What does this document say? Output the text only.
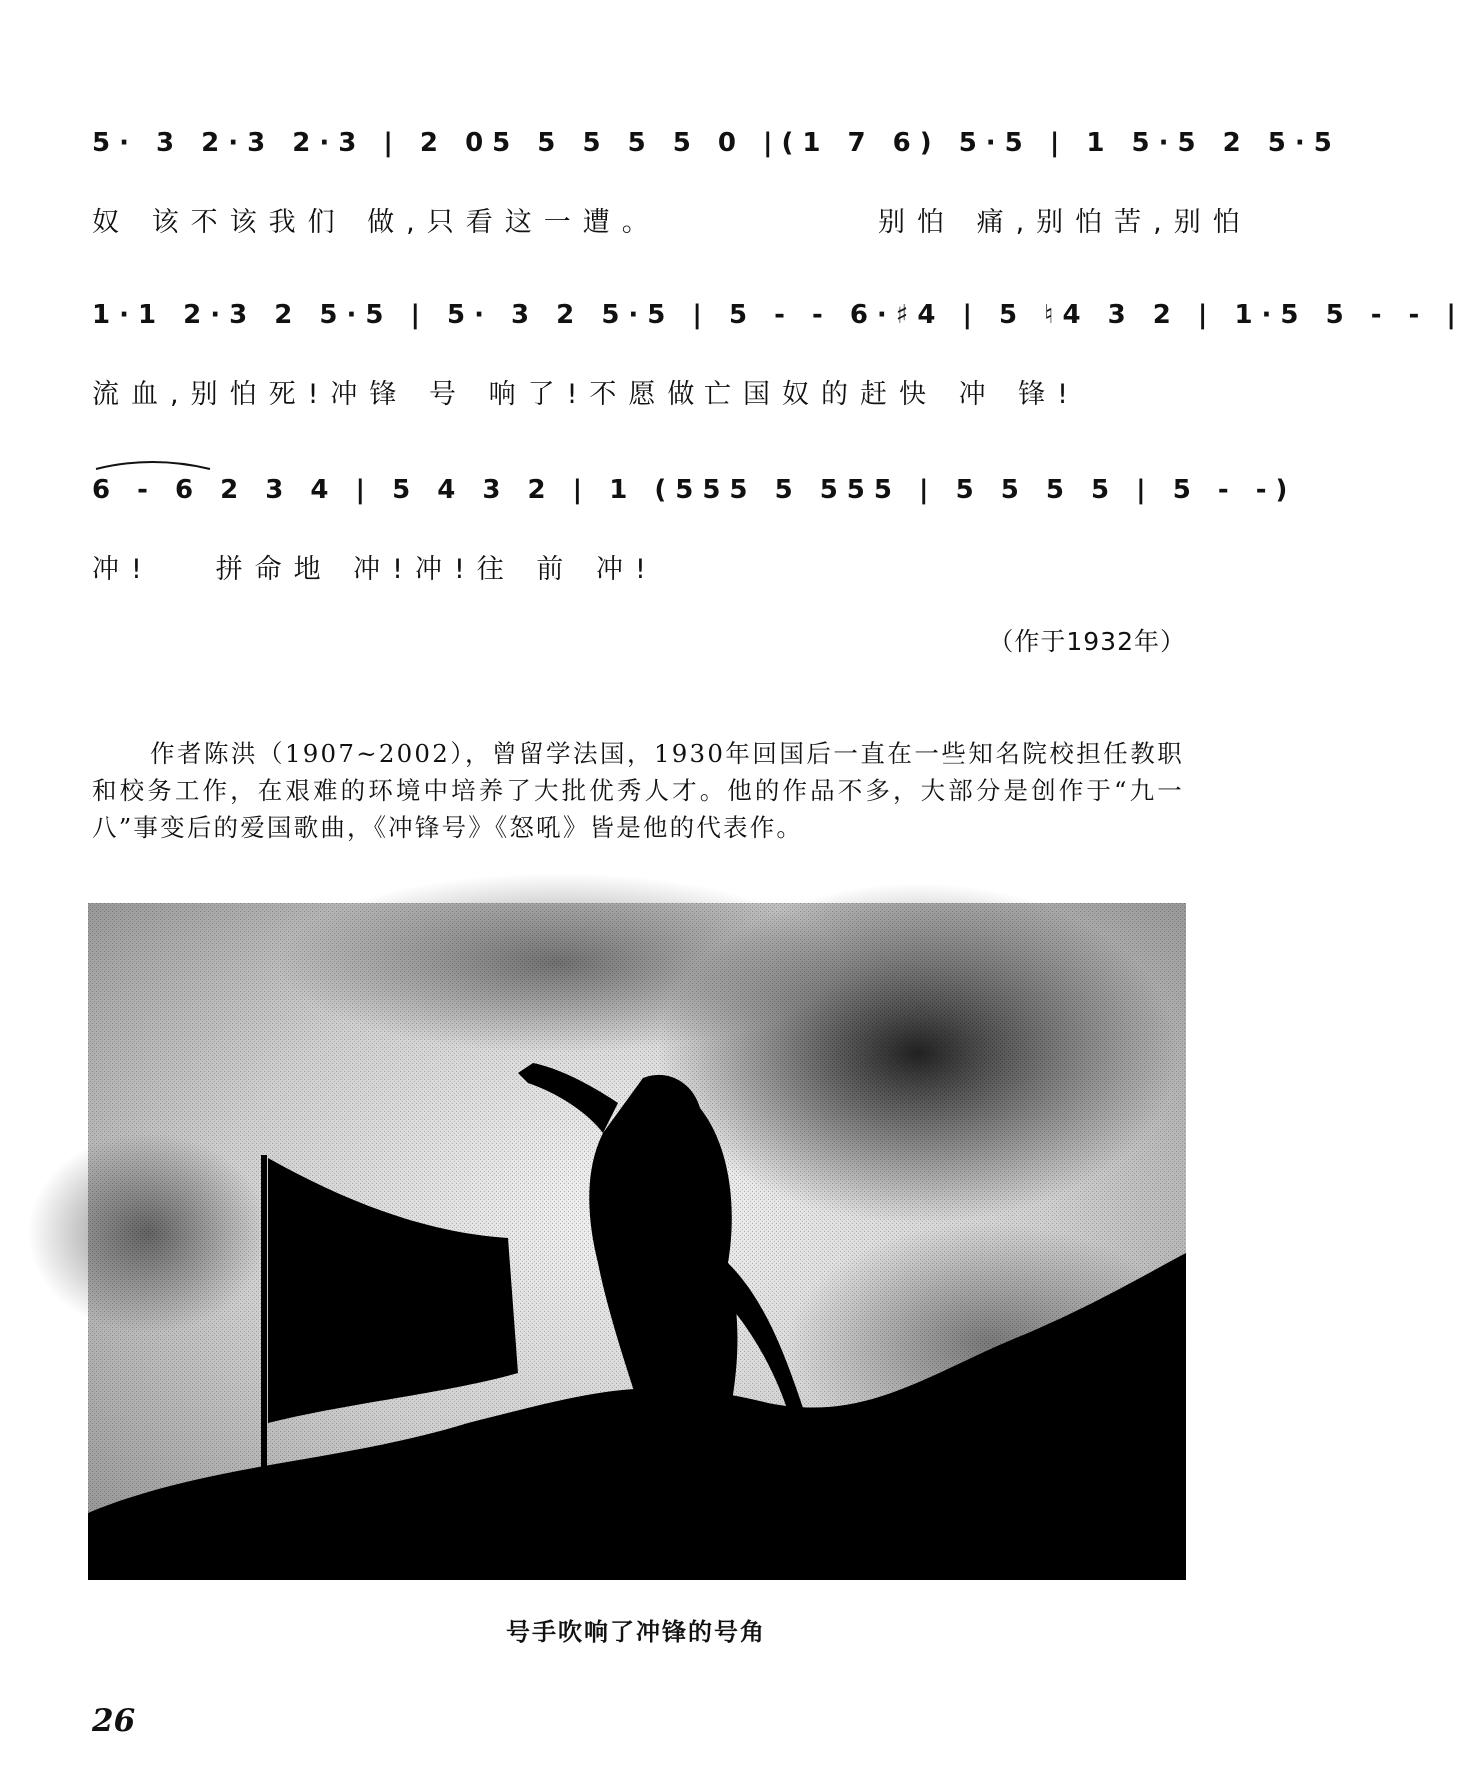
5· 3 2·3 2·3 | 2 05 5 5 5 5 0 |(1 7 6) 5·5 | 1 5·5 2 5·5
奴 该不该我们 做,只看这一遭。	别怕 痛,别怕苦,别怕
1·1 2·3 2 5·5 | 5· 3 2 5·5 | 5 - - 6·♯4 | 5 ♮4 3 2 | 1·5 5 - - |
流血,别怕死!冲锋 号 响了!不愿做
亡国奴的赶快 冲 锋!
6 - 6 2 3 4 | 5 4 3 2 | 1 (555 5 555 | 5 5 5 5 | 5 - -)
冲!   拼命地 冲!冲!往 前 冲!
（作于1932年）

作者陈洪（1907~2002），曾留学法国，1930年回国后一直在一些知名院校担任教职和校务工作，在艰难的环境中培养了大批优秀人才。他的作品不多，大部分是创作于“九一八”事变后的爱国歌曲，《冲锋号》《怒吼》皆是他的代表作。

号手吹响了冲锋的号角
26
